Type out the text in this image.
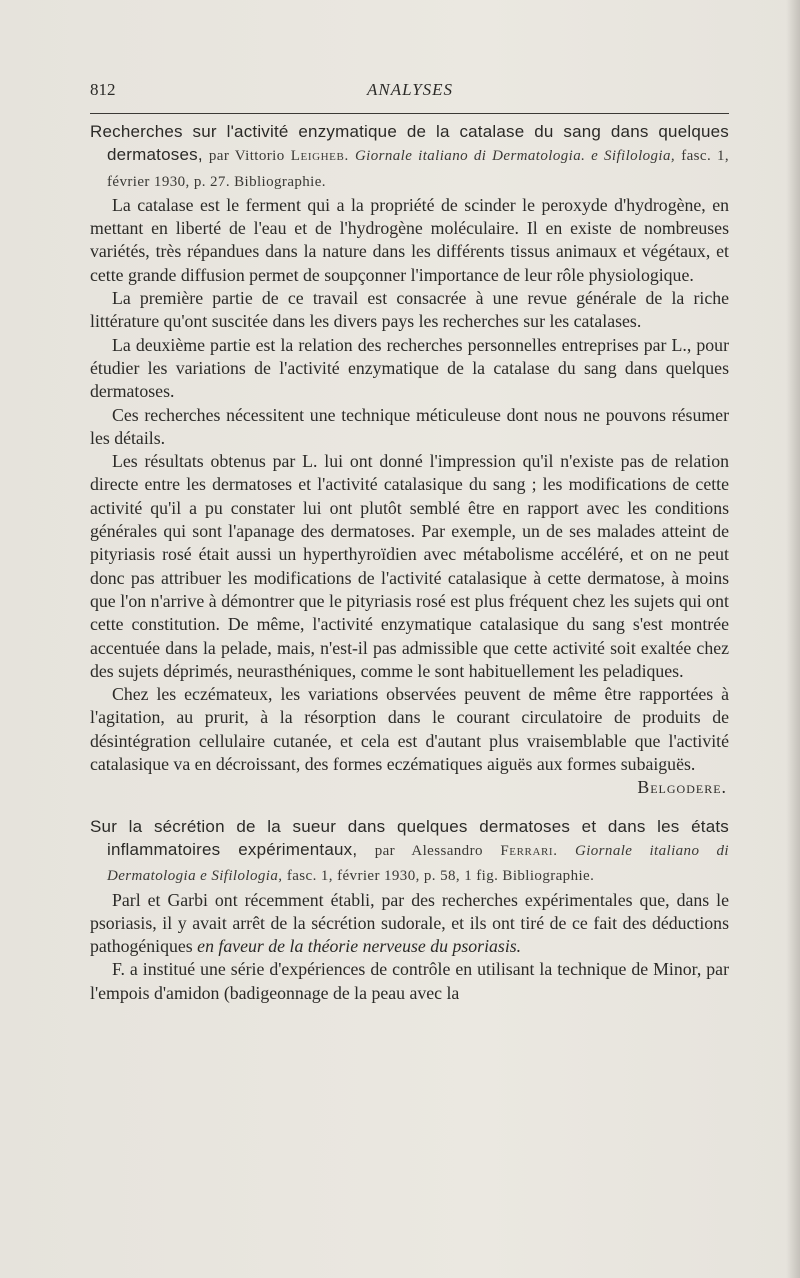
812	ANALYSES

Recherches sur l'activité enzymatique de la catalase du sang dans quelques dermatoses, par Vittorio Leigheb. Giornale italiano di Dermatologia. e Sifilologia, fasc. 1, février 1930, p. 27. Bibliographie.

La catalase est le ferment qui a la propriété de scinder le peroxyde d'hydrogène, en mettant en liberté de l'eau et de l'hydrogène moléculaire. Il en existe de nombreuses variétés, très répandues dans la nature dans les différents tissus animaux et végétaux, et cette grande diffusion permet de soupçonner l'importance de leur rôle physiologique.

La première partie de ce travail est consacrée à une revue générale de la riche littérature qu'ont suscitée dans les divers pays les recherches sur les catalases.

La deuxième partie est la relation des recherches personnelles entreprises par L., pour étudier les variations de l'activité enzymatique de la catalase du sang dans quelques dermatoses.

Ces recherches nécessitent une technique méticuleuse dont nous ne pouvons résumer les détails.

Les résultats obtenus par L. lui ont donné l'impression qu'il n'existe pas de relation directe entre les dermatoses et l'activité catalasique du sang ; les modifications de cette activité qu'il a pu constater lui ont plutôt semblé être en rapport avec les conditions générales qui sont l'apanage des dermatoses. Par exemple, un de ses malades atteint de pityriasis rosé était aussi un hyperthyroïdien avec métabolisme accéléré, et on ne peut donc pas attribuer les modifications de l'activité catalasique à cette dermatose, à moins que l'on n'arrive à démontrer que le pityriasis rosé est plus fréquent chez les sujets qui ont cette constitution. De même, l'activité enzymatique catalasique du sang s'est montrée accentuée dans la pelade, mais, n'est-il pas admissible que cette activité soit exaltée chez des sujets déprimés, neurasthéniques, comme le sont habituellement les peladiques.

Chez les eczémateux, les variations observées peuvent de même être rapportées à l'agitation, au prurit, à la résorption dans le courant circulatoire de produits de désintégration cellulaire cutanée, et cela est d'autant plus vraisemblable que l'activité catalasique va en décroissant, des formes eczématiques aiguës aux formes subaiguës.

Belgodere.

Sur la sécrétion de la sueur dans quelques dermatoses et dans les états inflammatoires expérimentaux, par Alessandro Ferrari. Giornale italiano di Dermatologia e Sifilologia, fasc. 1, février 1930, p. 58, 1 fig. Bibliographie.

Parl et Garbi ont récemment établi, par des recherches expérimentales que, dans le psoriasis, il y avait arrêt de la sécrétion sudorale, et ils ont tiré de ce fait des déductions pathogéniques en faveur de la théorie nerveuse du psoriasis.

F. a institué une série d'expériences de contrôle en utilisant la technique de Minor, par l'empois d'amidon (badigeonnage de la peau avec la
